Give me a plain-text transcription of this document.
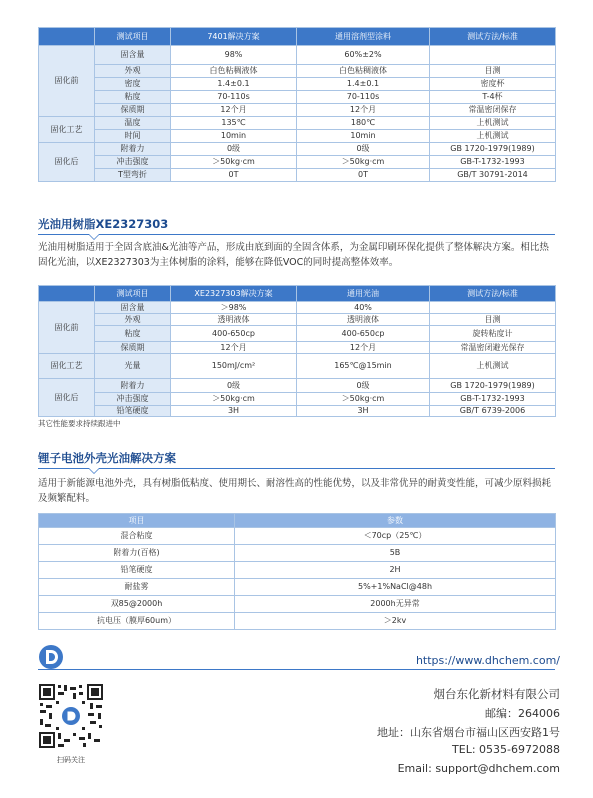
	测试项目	7401解决方案	通用溶剂型涂料	测试方法/标准
固化前	固含量	98%	60%±2%	
	外观	白色粘稠液体	白色粘稠液体	目测
	密度	1.4±0.1	1.4±0.1	密度杯
	粘度	70-110s	70-110s	T-4杯
	保质期	12个月	12个月	常温密闭保存
固化工艺	温度	135℃	180℃	上机测试
	时间	10min	10min	上机测试
固化后	附着力	0级	0级	GB 1720-1979(1989)
	冲击强度	＞50kg·cm	＞50kg·cm	GB-T-1732-1993
	T型弯折	0T	0T	GB/T 30791-2014
光油用树脂XE2327303
光油用树脂适用于全固含底油&光油等产品，形成由底到面的全固含体系，为金属印刷环保化提供了整体解决方案。相比热固化光油，以XE2327303为主体树脂的涂料，能够在降低VOC的同时提高整体效率。
	测试项目	XE2327303解决方案	通用光油	测试方法/标准
固化前	固含量	＞98%	40%	
	外观	透明液体	透明液体	目测
	粘度	400-650cp	400-650cp	旋转粘度计
	保质期	12个月	12个月	常温密闭避光保存
固化工艺	光量	150mJ/cm²	165℃@15min	上机测试
固化后	附着力	0级	0级	GB 1720-1979(1989)
	冲击强度	＞50kg·cm	＞50kg·cm	GB-T-1732-1993
	铅笔硬度	3H	3H	GB/T 6739-2006
其它性能要求持续跟进中
锂子电池外壳光油解决方案
适用于新能源电池外壳，具有树脂低粘度、使用期长、耐溶性高的性能优势，以及非常优异的耐黄变性能，可减少原料损耗及频繁配料。
项目	参数
混合粘度	＜70cp（25℃）
附着力(百格)	5B
铅笔硬度	2H
耐盐雾	5%+1%NaCl@48h
双85@2000h	2000h无异常
抗电压（膜厚60um）	＞2kv
https://www.dhchem.com/
扫码关注
烟台东化新材料有限公司
邮编：264006
地址：山东省烟台市福山区西安路1号
TEL: 0535-6972088
Email: support@dhchem.com
